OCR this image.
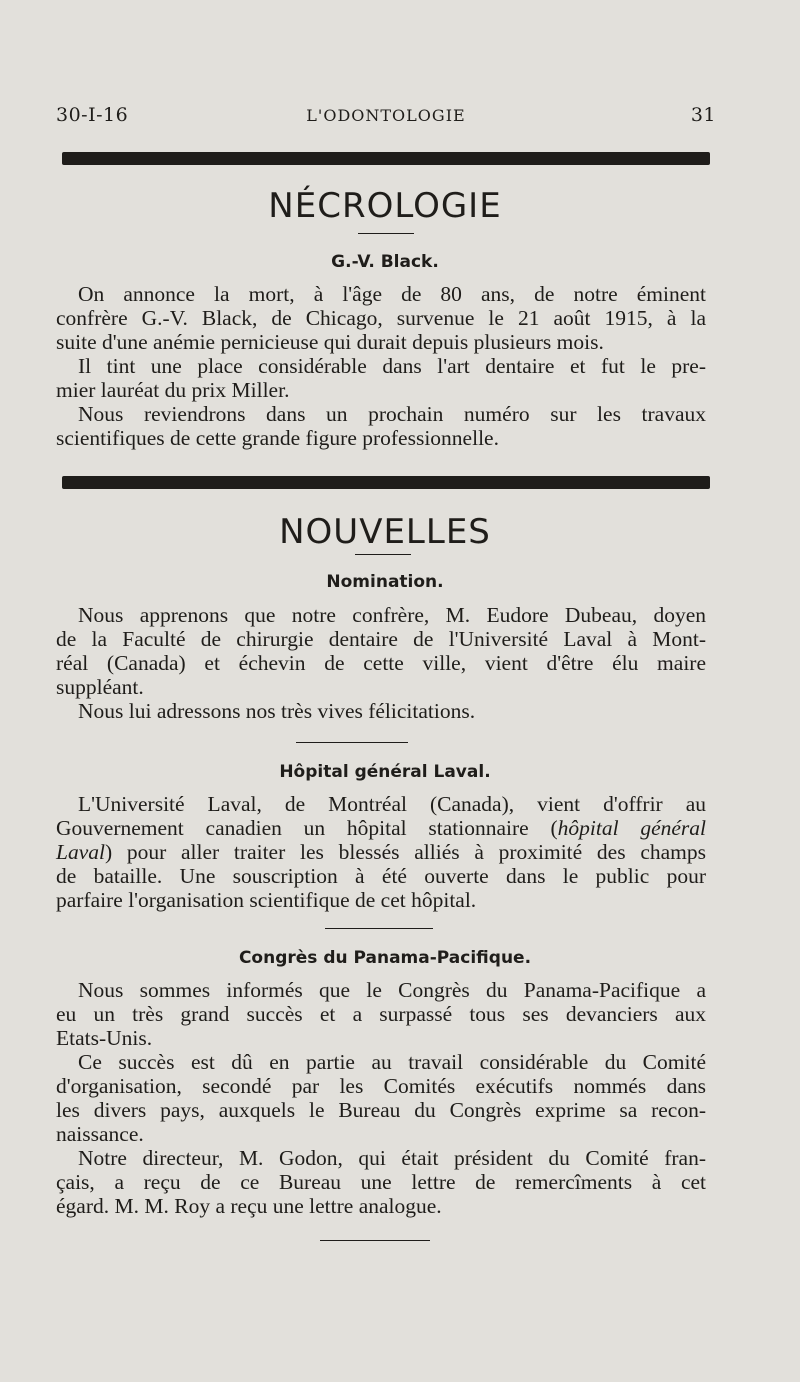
30-I-16	L'ODONTOLOGIE	31
NÉCROLOGIE
G.-V. Black.
On annonce la mort, à l'âge de 80 ans, de notre éminent
confrère G.-V. Black, de Chicago, survenue le 21 août 1915, à la
suite d'une anémie pernicieuse qui durait depuis plusieurs mois.
Il tint une place considérable dans l'art dentaire et fut le pre-
mier lauréat du prix Miller.
Nous reviendrons dans un prochain numéro sur les travaux
scientifiques de cette grande figure professionnelle.
NOUVELLES
Nomination.
Nous apprenons que notre confrère, M. Eudore Dubeau, doyen
de la Faculté de chirurgie dentaire de l'Université Laval à Mont-
réal (Canada) et échevin de cette ville, vient d'être élu maire
suppléant.
Nous lui adressons nos très vives félicitations.
Hôpital général Laval.
L'Université Laval, de Montréal (Canada), vient d'offrir au
Gouvernement canadien un hôpital stationnaire (hôpital général
Laval) pour aller traiter les blessés alliés à proximité des champs
de bataille. Une souscription à été ouverte dans le public pour
parfaire l'organisation scientifique de cet hôpital.
Congrès du Panama-Pacifique.
Nous sommes informés que le Congrès du Panama-Pacifique a
eu un très grand succès et a surpassé tous ses devanciers aux
Etats-Unis.
Ce succès est dû en partie au travail considérable du Comité
d'organisation, secondé par les Comités exécutifs nommés dans
les divers pays, auxquels le Bureau du Congrès exprime sa recon-
naissance.
Notre directeur, M. Godon, qui était président du Comité fran-
çais, a reçu de ce Bureau une lettre de remercîments à cet
égard. M. M. Roy a reçu une lettre analogue.
